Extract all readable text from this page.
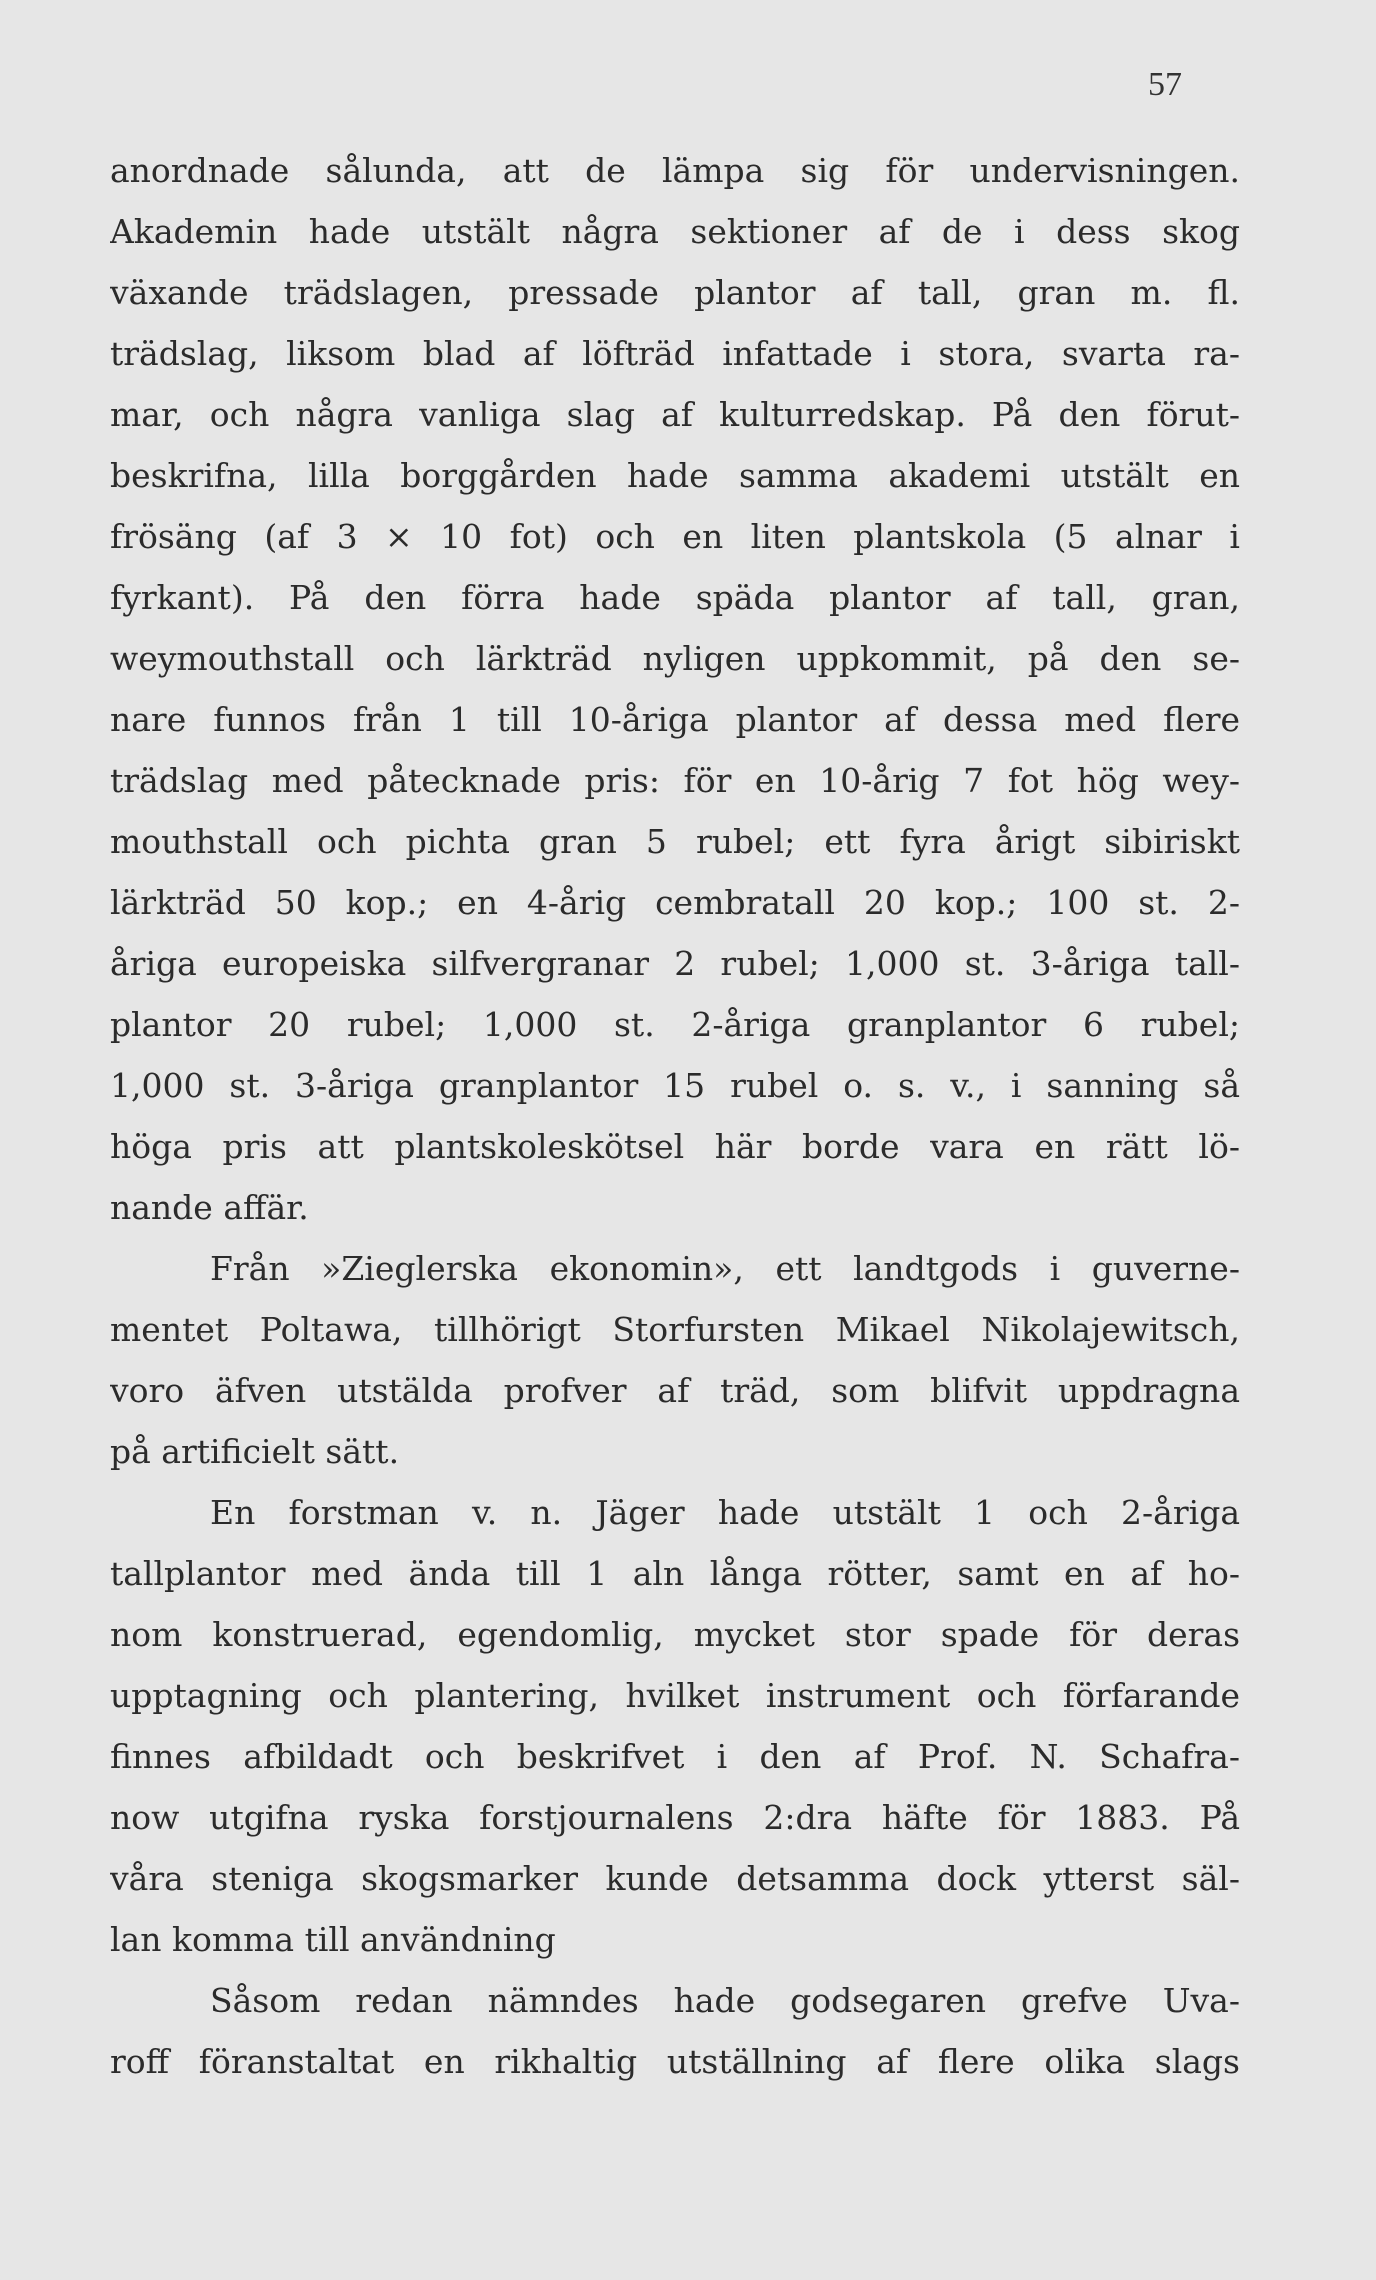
57
anordnade sålunda, att de lämpa sig för undervisningen.
Akademin hade utstält några sektioner af de i dess skog
växande trädslagen, pressade plantor af tall, gran m. fl.
trädslag, liksom blad af löfträd infattade i stora, svarta ra-
mar, och några vanliga slag af kulturredskap. På den förut-
beskrifna, lilla borggården hade samma akademi utstält en
frösäng (af 3 × 10 fot) och en liten plantskola (5 alnar i
fyrkant). På den förra hade späda plantor af tall, gran,
weymouthstall och lärkträd nyligen uppkommit, på den se-
nare funnos från 1 till 10-åriga plantor af dessa med flere
trädslag med påtecknade pris: för en 10-årig 7 fot hög wey-
mouthstall och pichta gran 5 rubel; ett fyra årigt sibiriskt
lärkträd 50 kop.; en 4-årig cembratall 20 kop.; 100 st. 2-
åriga europeiska silfvergranar 2 rubel; 1,000 st. 3-åriga tall-
plantor 20 rubel; 1,000 st. 2-åriga granplantor 6 rubel;
1,000 st. 3-åriga granplantor 15 rubel o. s. v., i sanning så
höga pris att plantskoleskötsel här borde vara en rätt lö-
nande affär.
Från »Zieglerska ekonomin», ett landtgods i guverne-
mentet Poltawa, tillhörigt Storfursten Mikael Nikolajewitsch,
voro äfven utstälda profver af träd, som blifvit uppdragna
på artificielt sätt.
En forstman v. n. Jäger hade utstält 1 och 2-åriga
tallplantor med ända till 1 aln långa rötter, samt en af ho-
nom konstruerad, egendomlig, mycket stor spade för deras
upptagning och plantering, hvilket instrument och förfarande
finnes afbildadt och beskrifvet i den af Prof. N. Schafra-
now utgifna ryska forstjournalens 2:dra häfte för 1883. På
våra steniga skogsmarker kunde detsamma dock ytterst säl-
lan komma till användning
Såsom redan nämndes hade godsegaren grefve Uva-
roff föranstaltat en rikhaltig utställning af flere olika slags
